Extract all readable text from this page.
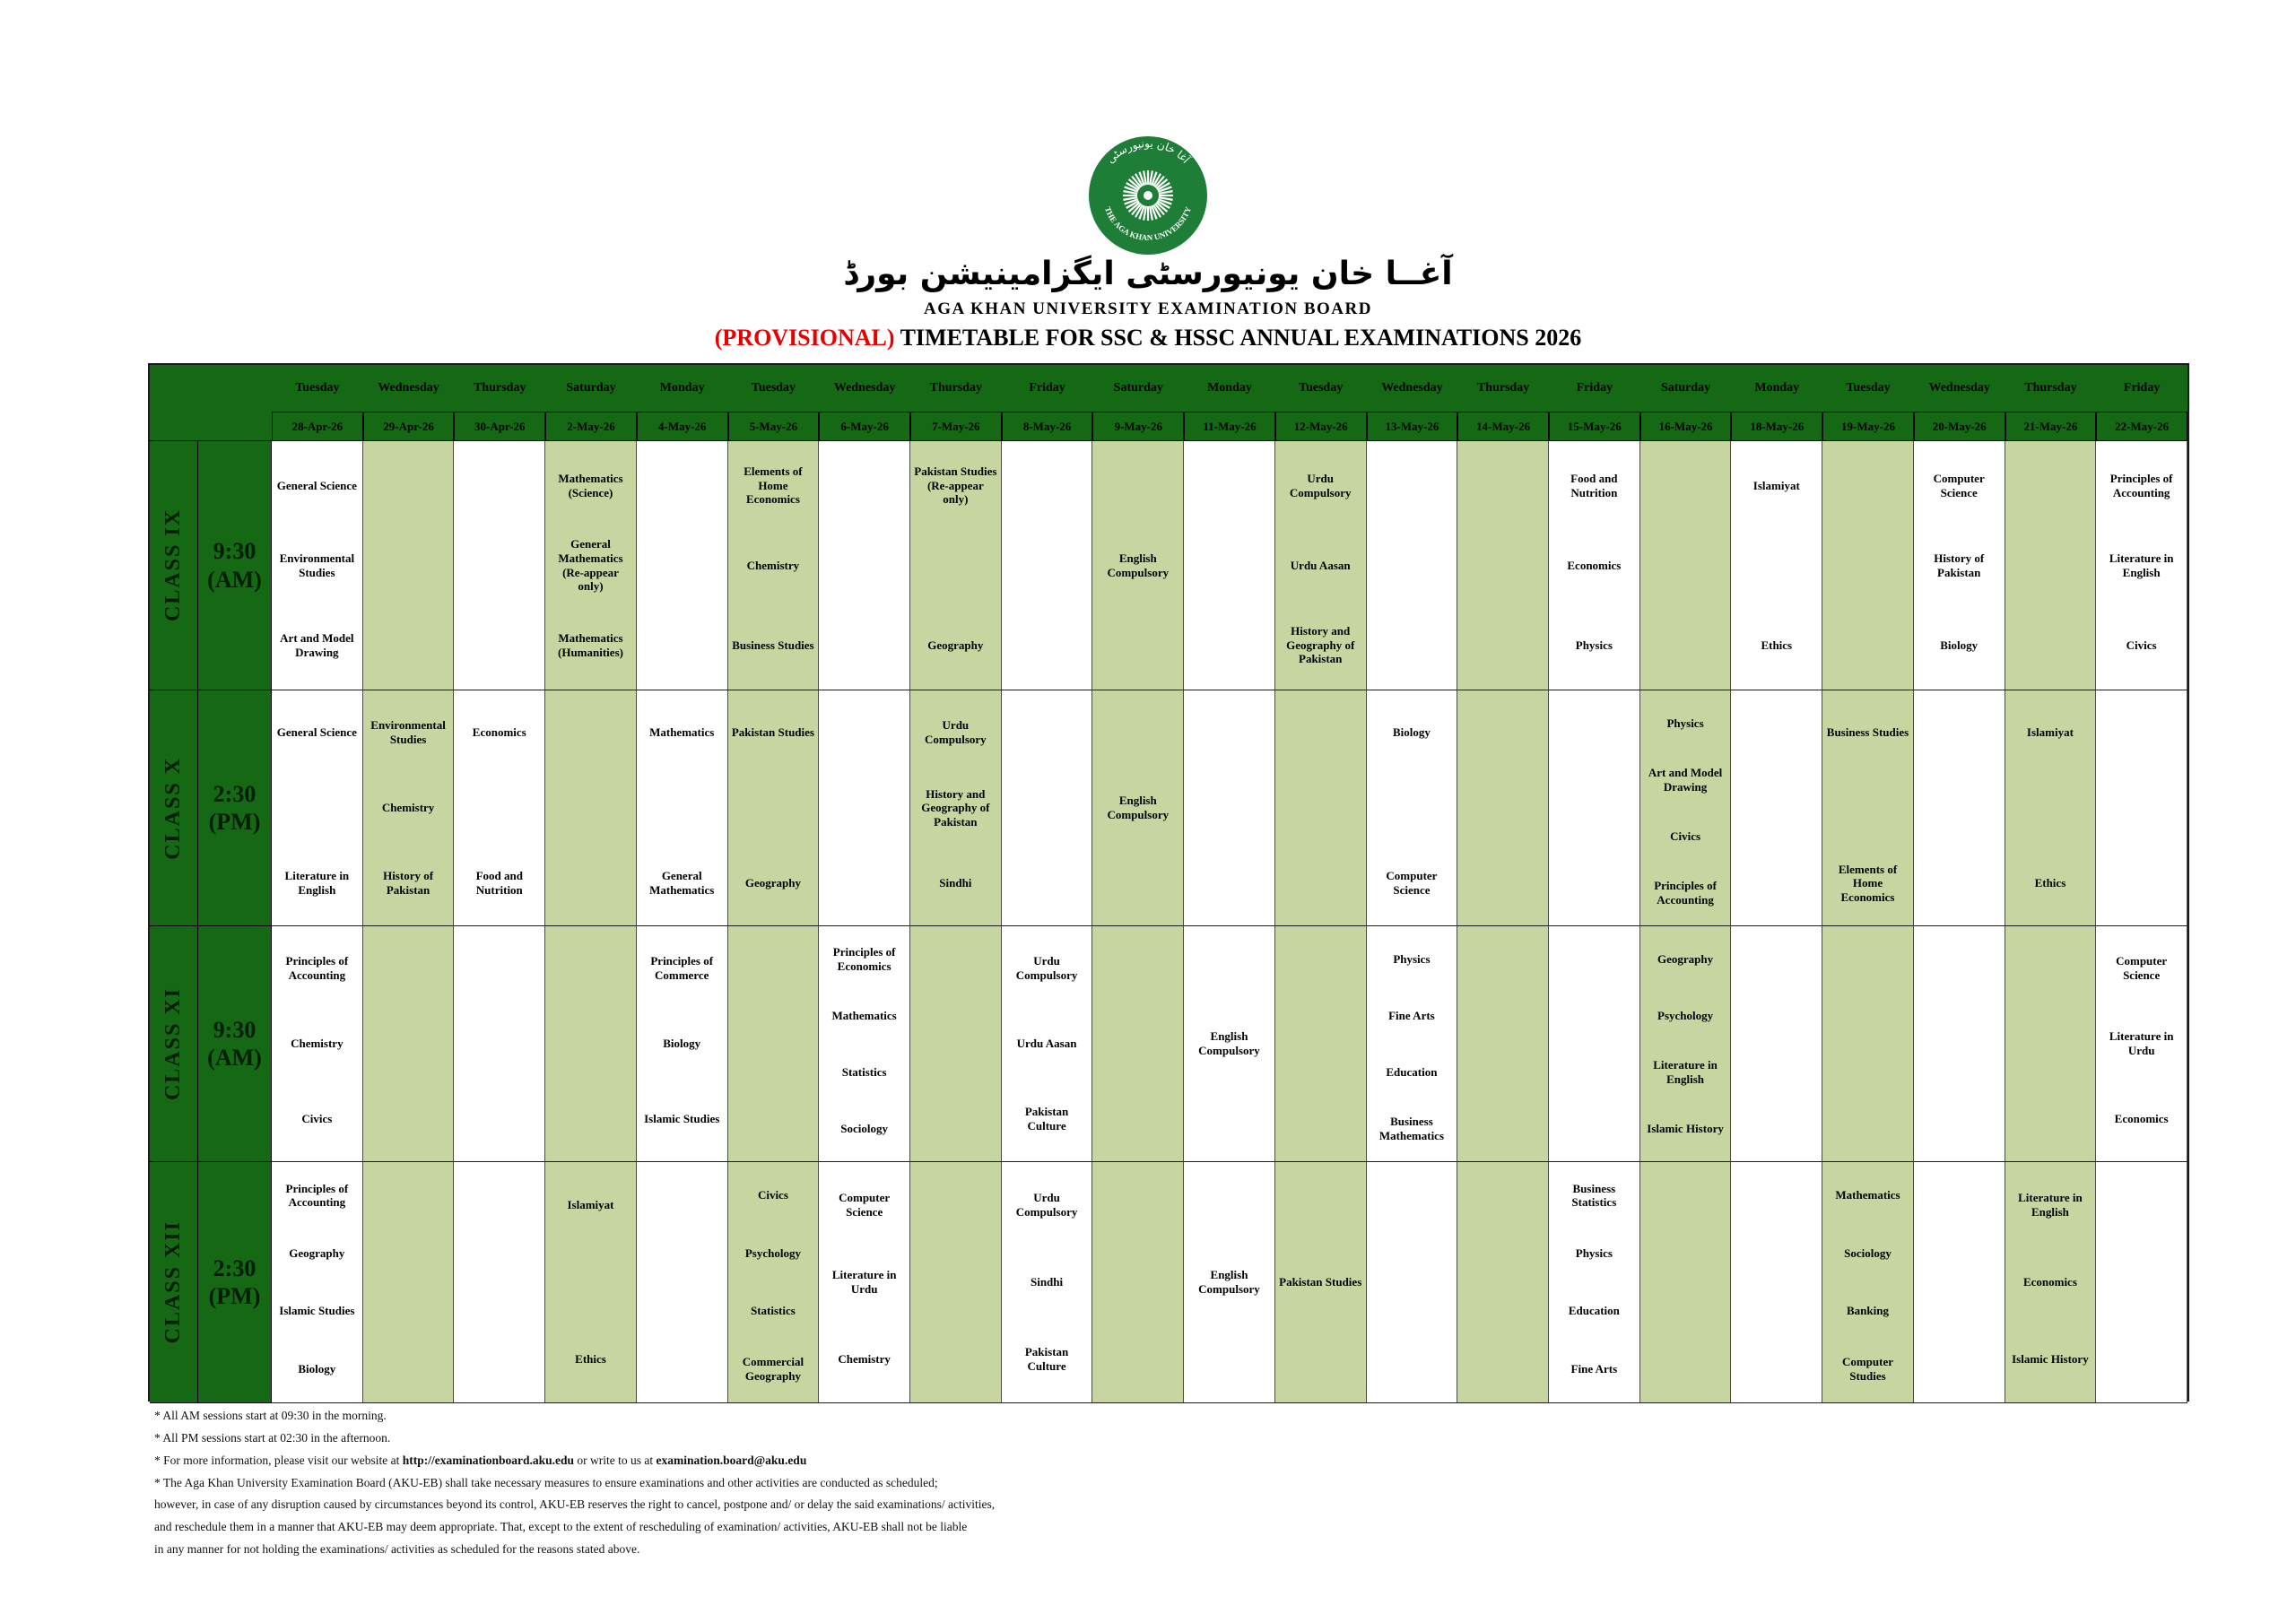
THE AGA KHAN UNIVERSITY
آغا خان یونیورسٹی
آغــا خان یونیورسٹی ایگزامینیشن بورڈ
AGA KHAN UNIVERSITY EXAMINATION BOARD
(PROVISIONAL) TIMETABLE FOR SSC & HSSC ANNUAL EXAMINATIONS 2026
Tuesday
28-Apr-26
Wednesday
29-Apr-26
Thursday
30-Apr-26
Saturday
2-May-26
Monday
4-May-26
Tuesday
5-May-26
Wednesday
6-May-26
Thursday
7-May-26
Friday
8-May-26
Saturday
9-May-26
Monday
11-May-26
Tuesday
12-May-26
Wednesday
13-May-26
Thursday
14-May-26
Friday
15-May-26
Saturday
16-May-26
Monday
18-May-26
Tuesday
19-May-26
Wednesday
20-May-26
Thursday
21-May-26
Friday
22-May-26
CLASS IX 9:30
(AM)
General Science
Environmental Studies
Art and Model Drawing
Mathematics (Science)
General Mathematics (Re-appear only)
Mathematics (Humanities)
Elements of Home Economics
Chemistry
Business Studies
Pakistan Studies (Re-appear only)
Geography
English Compulsory
Urdu Compulsory
Urdu Aasan
History and Geography of Pakistan
Food and Nutrition
Economics
Physics
Islamiyat
Ethics
Computer Science
History of Pakistan
Biology
Principles of Accounting
Literature in English
Civics
CLASS X 2:30
(PM)
General Science
Literature in English
Environmental Studies
Chemistry
History of Pakistan
Economics
Food and Nutrition
Mathematics
General Mathematics
Pakistan Studies
Geography
Urdu Compulsory
History and Geography of Pakistan
Sindhi
English Compulsory
Biology
Computer Science
Physics
Art and Model Drawing
Civics
Principles of Accounting
Business Studies
Elements of Home Economics
Islamiyat
Ethics
CLASS XI 9:30
(AM)
Principles of Accounting
Chemistry
Civics
Principles of Commerce
Biology
Islamic Studies
Principles of Economics
Mathematics
Statistics
Sociology
Urdu Compulsory
Urdu Aasan
Pakistan Culture
English Compulsory
Physics
Fine Arts
Education
Business Mathematics
Geography
Psychology
Literature in English
Islamic History
Computer Science
Literature in Urdu
Economics
CLASS XII 2:30
(PM)
Principles of Accounting
Geography
Islamic Studies
Biology
Islamiyat
Ethics
Civics
Psychology
Statistics
Commercial Geography
Computer Science
Literature in Urdu
Chemistry
Urdu Compulsory
Sindhi
Pakistan Culture
English Compulsory
Pakistan Studies
Business Statistics
Physics
Education
Fine Arts
Mathematics
Sociology
Banking
Computer Studies
Literature in English
Economics
Islamic History

* All AM sessions start at 09:30 in the morning.

* All PM sessions start at 02:30 in the afternoon.

* For more information, please visit our website at http://examinationboard.aku.edu or write to us at examination.board@aku.edu

* The Aga Khan University Examination Board (AKU-EB) shall take necessary measures to ensure examinations and other activities are conducted as scheduled;

however, in case of any disruption caused by circumstances beyond its control, AKU-EB reserves the right to cancel, postpone and/ or delay the said examinations/ activities,

and reschedule them in a manner that AKU-EB may deem appropriate. That, except to the extent of rescheduling of examination/ activities, AKU-EB shall not be liable

in any manner for not holding the examinations/ activities as scheduled for the reasons stated above.
